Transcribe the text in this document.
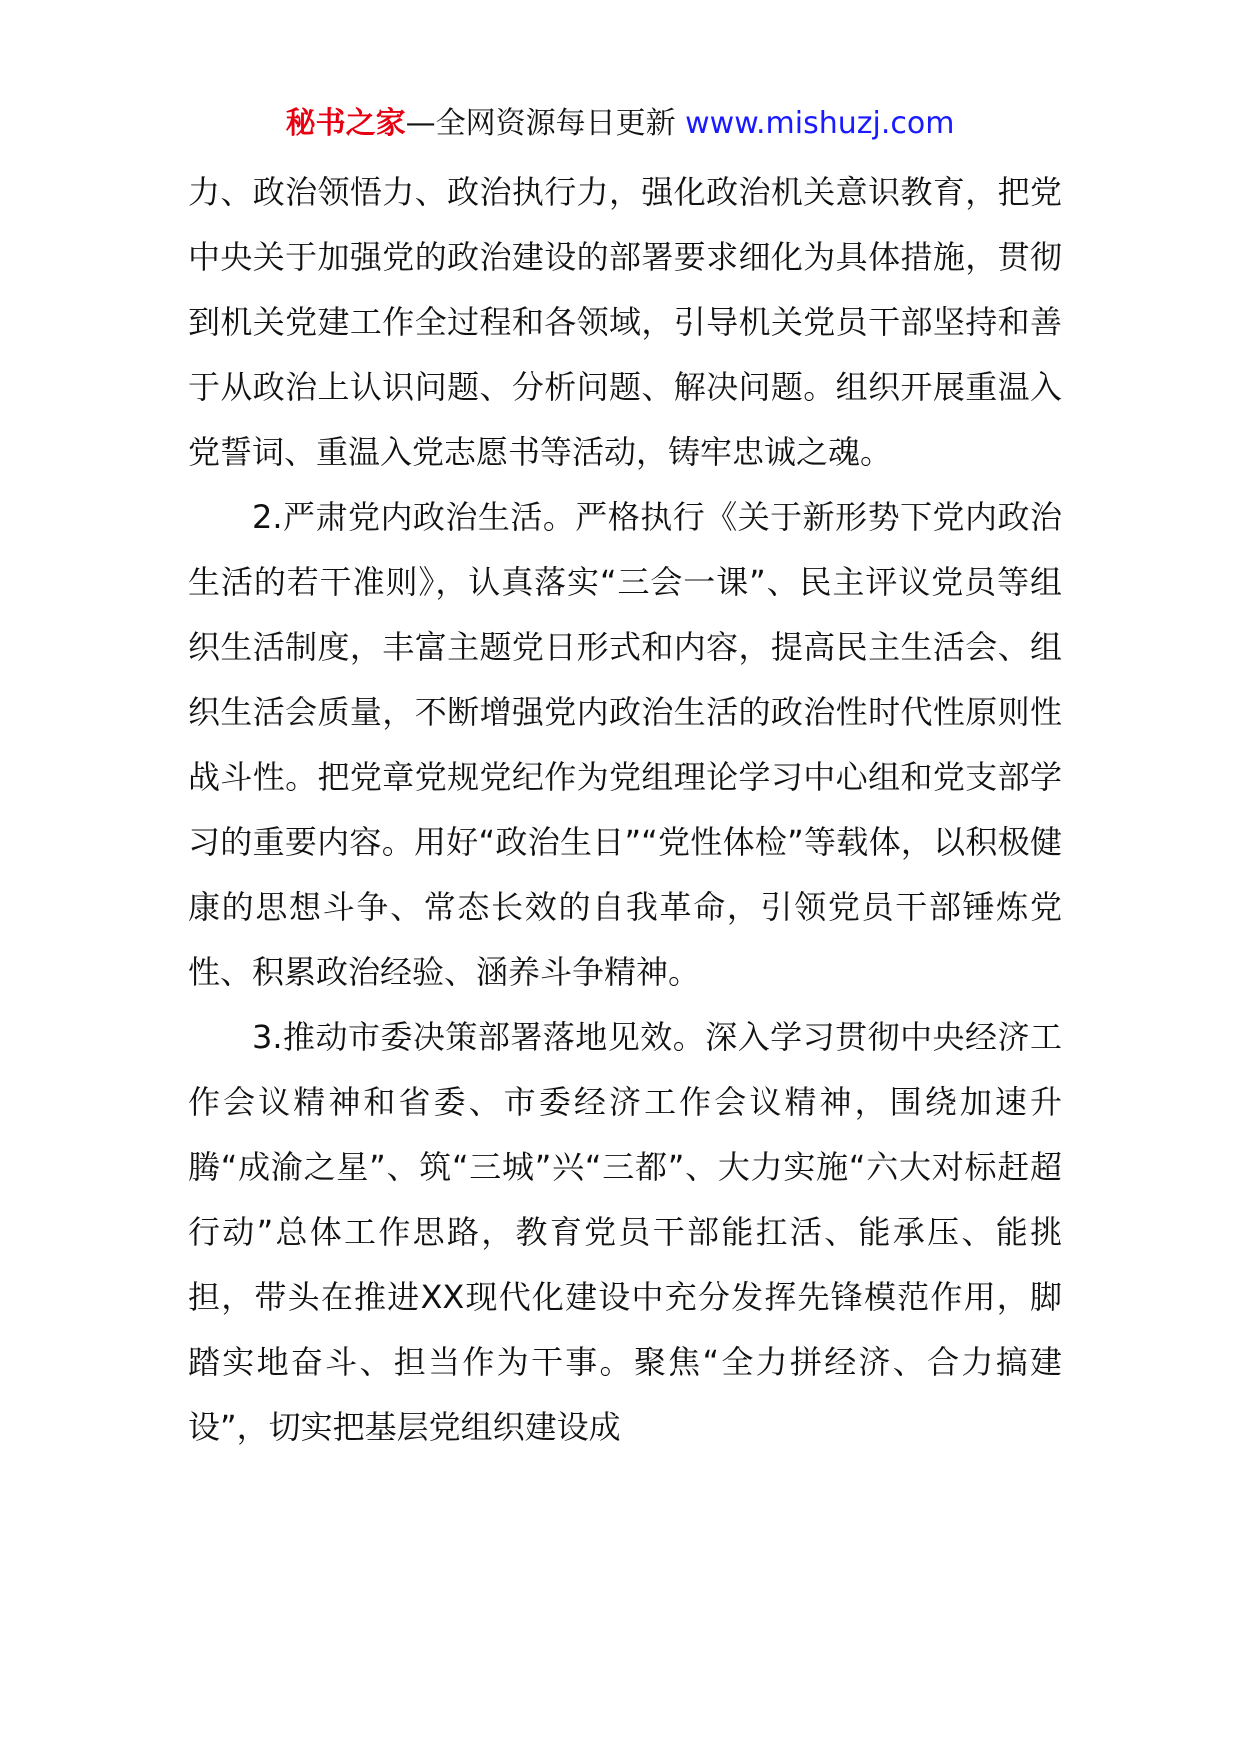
秘书之家—全网资源每日更新 www.mishuzj.com

力、政治领悟力、政治执行力，强化政治机关意识教育，把党中央关于加强党的政治建设的部署要求细化为具体措施，贯彻到机关党建工作全过程和各领域，引导机关党员干部坚持和善于从政治上认识问题、分析问题、解决问题。组织开展重温入党誓词、重温入党志愿书等活动，铸牢忠诚之魂。

2.严肃党内政治生活。严格执行《关于新形势下党内政治生活的若干准则》，认真落实“三会一课”、民主评议党员等组织生活制度，丰富主题党日形式和内容，提高民主生活会、组织生活会质量，不断增强党内政治生活的政治性时代性原则性战斗性。把党章党规党纪作为党组理论学习中心组和党支部学习的重要内容。用好“政治生日”“党性体检”等载体，以积极健康的思想斗争、常态长效的自我革命，引领党员干部锤炼党性、积累政治经验、涵养斗争精神。

3.推动市委决策部署落地见效。深入学习贯彻中央经济工作会议精神和省委、市委经济工作会议精神，围绕加速升腾“成渝之星”、筑“三城”兴“三都”、大力实施“六大对标赶超行动”总体工作思路，教育党员干部能扛活、能承压、能挑担，带头在推进XX现代化建设中充分发挥先锋模范作用，脚踏实地奋斗、担当作为干事。聚焦“全力拼经济、合力搞建设”，切实把基层党组织建设成
